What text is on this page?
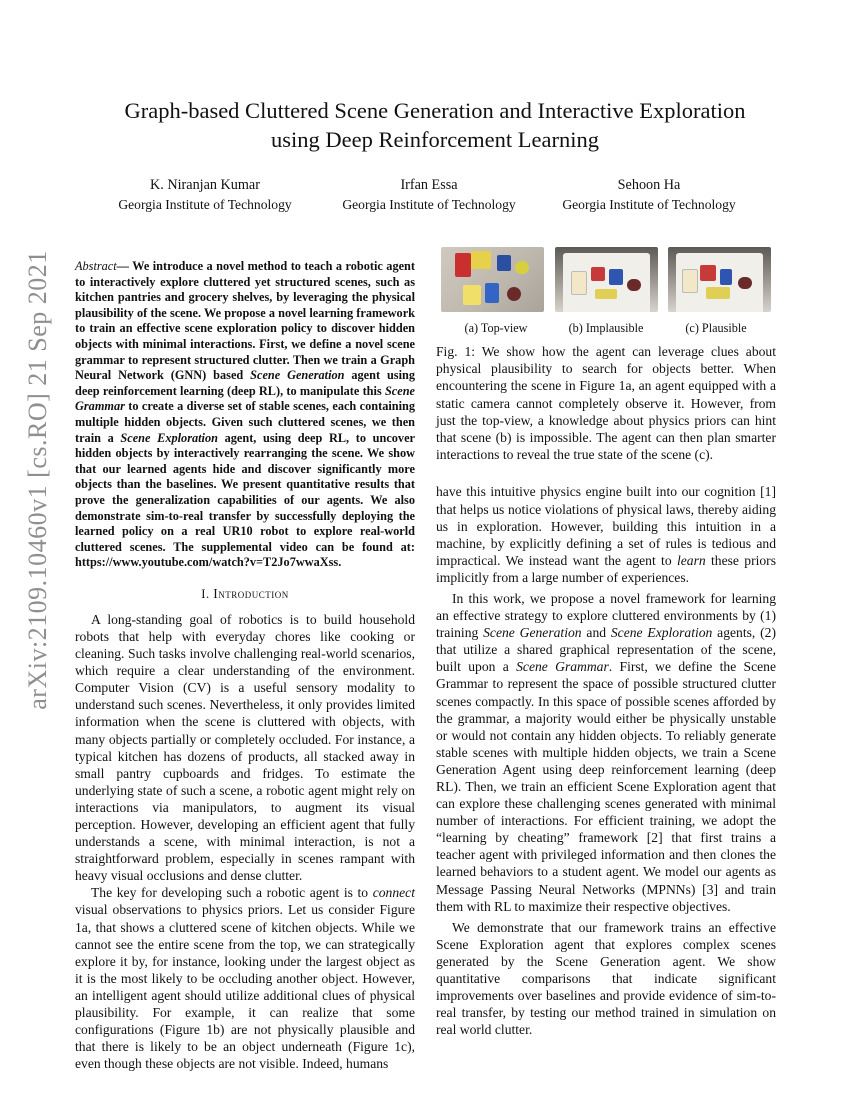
arXiv:2109.10460v1 [cs.RO] 21 Sep 2021
Graph-based Cluttered Scene Generation and Interactive Exploration
using Deep Reinforcement Learning
K. Niranjan Kumar
Georgia Institute of Technology
Irfan Essa
Georgia Institute of Technology
Sehoon Ha
Georgia Institute of Technology

Abstract— We introduce a novel method to teach a robotic agent to interactively explore cluttered yet structured scenes, such as kitchen pantries and grocery shelves, by leveraging the physical plausibility of the scene. We propose a novel learning framework to train an effective scene exploration policy to discover hidden objects with minimal interactions. First, we define a novel scene grammar to represent structured clutter. Then we train a Graph Neural Network (GNN) based Scene Generation agent using deep reinforcement learning (deep RL), to manipulate this Scene Grammar to create a diverse set of stable scenes, each containing multiple hidden objects. Given such cluttered scenes, we then train a Scene Exploration agent, using deep RL, to uncover hidden objects by interactively rearranging the scene. We show that our learned agents hide and discover significantly more objects than the baselines. We present quantitative results that prove the generalization capabilities of our agents. We also demonstrate sim-to-real transfer by successfully deploying the learned policy on a real UR10 robot to explore real-world cluttered scenes. The supplemental video can be found at: https://www.youtube.com/watch?v=T2Jo7wwaXss.

I. Introduction

A long-standing goal of robotics is to build household robots that help with everyday chores like cooking or cleaning. Such tasks involve challenging real-world scenarios, which require a clear understanding of the environment. Computer Vision (CV) is a useful sensory modality to understand such scenes. Nevertheless, it only provides limited information when the scene is cluttered with objects, with many objects partially or completely occluded. For instance, a typical kitchen has dozens of products, all stacked away in small pantry cupboards and fridges. To estimate the underlying state of such a scene, a robotic agent might rely on interactions via manipulators, to augment its visual perception. However, developing an efficient agent that fully understands a scene, with minimal interaction, is not a straightforward problem, especially in scenes rampant with heavy visual occlusions and dense clutter.

The key for developing such a robotic agent is to connect visual observations to physics priors. Let us consider Figure 1a, that shows a cluttered scene of kitchen objects. While we cannot see the entire scene from the top, we can strategically explore it by, for instance, looking under the largest object as it is the most likely to be occluding another object. However, an intelligent agent should utilize additional clues of physical plausibility. For example, it can realize that some configurations (Figure 1b) are not physically plausible and that there is likely to be an object underneath (Figure 1c), even though these objects are not visible. Indeed, humans

(a) Top-view	(b) Implausible	(c) Plausible

Fig. 1: We show how the agent can leverage clues about physical plausibility to search for objects better. When encountering the scene in Figure 1a, an agent equipped with a static camera cannot completely observe it. However, from just the top-view, a knowledge about physics priors can hint that scene (b) is impossible. The agent can then plan smarter interactions to reveal the true state of the scene (c).

have this intuitive physics engine built into our cognition [1] that helps us notice violations of physical laws, thereby aiding us in exploration. However, building this intuition in a machine, by explicitly defining a set of rules is tedious and impractical. We instead want the agent to learn these priors implicitly from a large number of experiences.

In this work, we propose a novel framework for learning an effective strategy to explore cluttered environments by (1) training Scene Generation and Scene Exploration agents, (2) that utilize a shared graphical representation of the scene, built upon a Scene Grammar. First, we define the Scene Grammar to represent the space of possible structured clutter scenes compactly. In this space of possible scenes afforded by the grammar, a majority would either be physically unstable or would not contain any hidden objects. To reliably generate stable scenes with multiple hidden objects, we train a Scene Generation Agent using deep reinforcement learning (deep RL). Then, we train an efficient Scene Exploration agent that can explore these challenging scenes generated with minimal number of interactions. For efficient training, we adopt the “learning by cheating” framework [2] that first trains a teacher agent with privileged information and then clones the learned behaviors to a student agent. We model our agents as Message Passing Neural Networks (MPNNs) [3] and train them with RL to maximize their respective objectives.

We demonstrate that our framework trains an effective Scene Exploration agent that explores complex scenes generated by the Scene Generation agent. We show quantitative comparisons that indicate significant improvements over baselines and provide evidence of sim-to-real transfer, by testing our method trained in simulation on real world clutter.
